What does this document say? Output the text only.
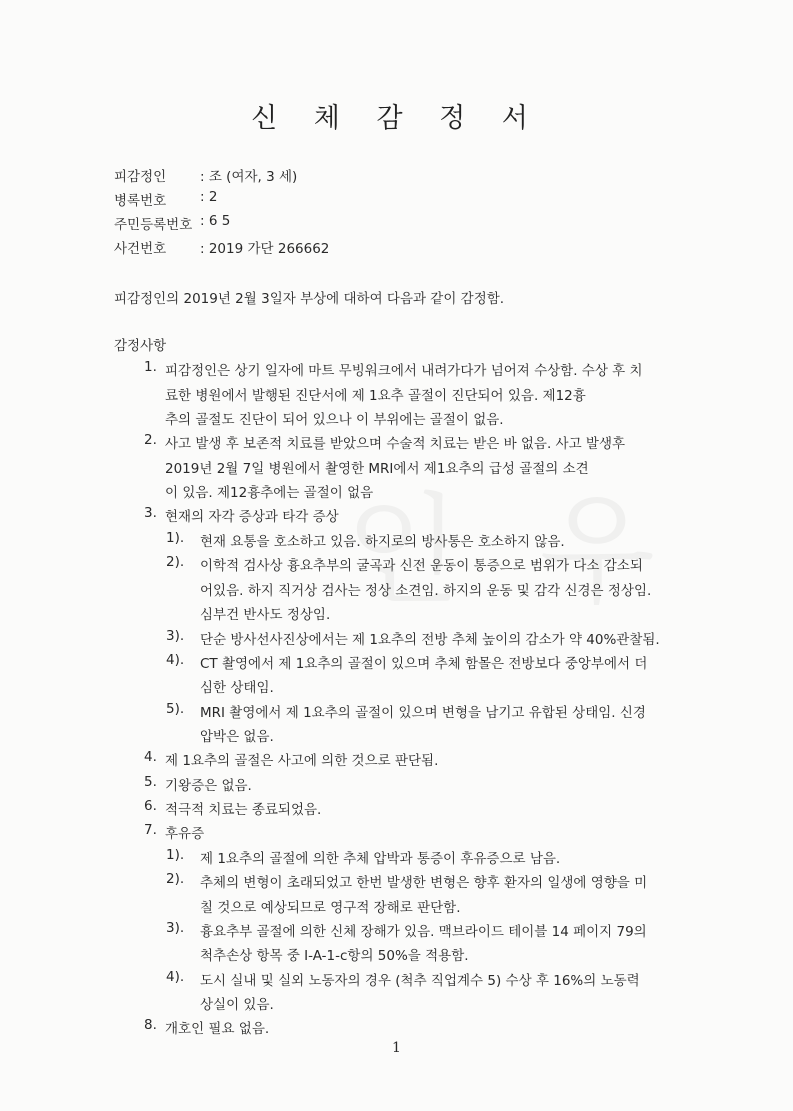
신 체 감 정 서
피감정인	: 조 (여자, 3 세)
병록번호	: 2
주민등록번호 : 6 5
사건번호	: 2019 가단 266662
피감정인의 2019년 2월 3일자 부상에 대하여 다음과 같이 감정함.
감정사항
1. 피감정인은 상기 일자에 마트 무빙워크에서 내려가다가 넘어져 수상함. 수상 후 치
료한 병원에서 발행된 진단서에 제 1요추 골절이 진단되어 있음. 제12흉
추의 골절도 진단이 되어 있으나 이 부위에는 골절이 없음.
2. 사고 발생 후 보존적 치료를 받았으며 수술적 치료는 받은 바 없음. 사고 발생후
2019년 2월 7일 병원에서 촬영한 MRI에서 제1요추의 급성 골절의 소견
이 있음. 제12흉추에는 골절이 없음
3. 현재의 자각 증상과 타각 증상
1). 현재 요통을 호소하고 있음. 하지로의 방사통은 호소하지 않음.
2). 이학적 검사상 흉요추부의 굴곡과 신전 운동이 통증으로 범위가 다소 감소되
어있음. 하지 직거상 검사는 정상 소견임. 하지의 운동 및 감각 신경은 정상임.
심부건 반사도 정상임.
3). 단순 방사선사진상에서는 제 1요추의 전방 추체 높이의 감소가 약 40%관찰됨.
4). CT 촬영에서 제 1요추의 골절이 있으며 추체 함몰은 전방보다 중앙부에서 더
심한 상태임.
5). MRI 촬영에서 제 1요추의 골절이 있으며 변형을 남기고 유합된 상태임. 신경
압박은 없음.
4. 제 1요추의 골절은 사고에 의한 것으로 판단됨.
5. 기왕증은 없음.
6. 적극적 치료는 종료되었음.
7. 후유증
1). 제 1요추의 골절에 의한 추체 압박과 통증이 후유증으로 남음.
2). 추체의 변형이 초래되었고 한번 발생한 변형은 향후 환자의 일생에 영향을 미
칠 것으로 예상되므로 영구적 장해로 판단함.
3). 흉요추부 골절에 의한 신체 장해가 있음. 맥브라이드 테이블 14 페이지 79의
척추손상 항목 중 I-A-1-c항의 50%을 적용함.
4). 도시 실내 및 실외 노동자의 경우 (척추 직업계수 5) 수상 후 16%의 노동력
상실이 있음.
8. 개호인 필요 없음.
1
